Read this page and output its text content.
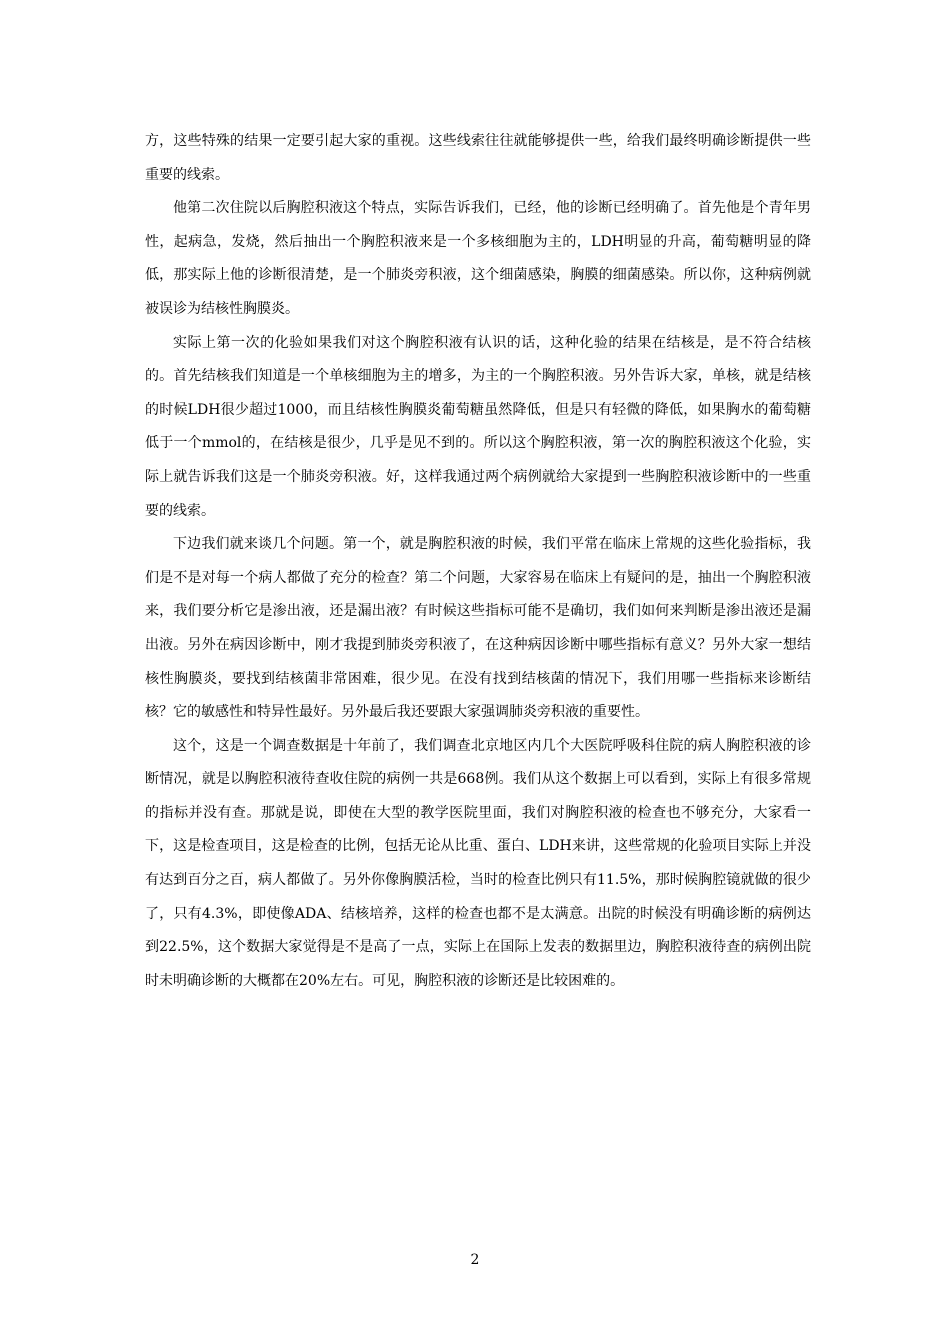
方，这些特殊的结果一定要引起大家的重视。这些线索往往就能够提供一些，给我们最终明确诊断提供一些重要的线索。

他第二次住院以后胸腔积液这个特点，实际告诉我们，已经，他的诊断已经明确了。首先他是个青年男性，起病急，发烧，然后抽出一个胸腔积液来是一个多核细胞为主的，LDH明显的升高，葡萄糖明显的降低，那实际上他的诊断很清楚，是一个肺炎旁积液，这个细菌感染，胸膜的细菌感染。所以你，这种病例就被误诊为结核性胸膜炎。

实际上第一次的化验如果我们对这个胸腔积液有认识的话，这种化验的结果在结核是，是不符合结核的。首先结核我们知道是一个单核细胞为主的增多，为主的一个胸腔积液。另外告诉大家，单核，就是结核的时候LDH很少超过1000，而且结核性胸膜炎葡萄糖虽然降低，但是只有轻微的降低，如果胸水的葡萄糖低于一个mmol的，在结核是很少，几乎是见不到的。所以这个胸腔积液，第一次的胸腔积液这个化验，实际上就告诉我们这是一个肺炎旁积液。好，这样我通过两个病例就给大家提到一些胸腔积液诊断中的一些重要的线索。

下边我们就来谈几个问题。第一个，就是胸腔积液的时候，我们平常在临床上常规的这些化验指标，我们是不是对每一个病人都做了充分的检查？第二个问题，大家容易在临床上有疑问的是，抽出一个胸腔积液来，我们要分析它是渗出液，还是漏出液？有时候这些指标可能不是确切，我们如何来判断是渗出液还是漏出液。另外在病因诊断中，刚才我提到肺炎旁积液了，在这种病因诊断中哪些指标有意义？另外大家一想结核性胸膜炎，要找到结核菌非常困难，很少见。在没有找到结核菌的情况下，我们用哪一些指标来诊断结核？它的敏感性和特异性最好。另外最后我还要跟大家强调肺炎旁积液的重要性。

这个，这是一个调查数据是十年前了，我们调查北京地区内几个大医院呼吸科住院的病人胸腔积液的诊断情况，就是以胸腔积液待查收住院的病例一共是668例。我们从这个数据上可以看到，实际上有很多常规的指标并没有查。那就是说，即使在大型的教学医院里面，我们对胸腔积液的检查也不够充分，大家看一下，这是检查项目，这是检查的比例，包括无论从比重、蛋白、LDH来讲，这些常规的化验项目实际上并没有达到百分之百，病人都做了。另外你像胸膜活检，当时的检查比例只有11.5%，那时候胸腔镜就做的很少了，只有4.3%，即使像ADA、结核培养，这样的检查也都不是太满意。出院的时候没有明确诊断的病例达到22.5%，这个数据大家觉得是不是高了一点，实际上在国际上发表的数据里边，胸腔积液待查的病例出院时未明确诊断的大概都在20%左右。可见，胸腔积液的诊断还是比较困难的。

2
